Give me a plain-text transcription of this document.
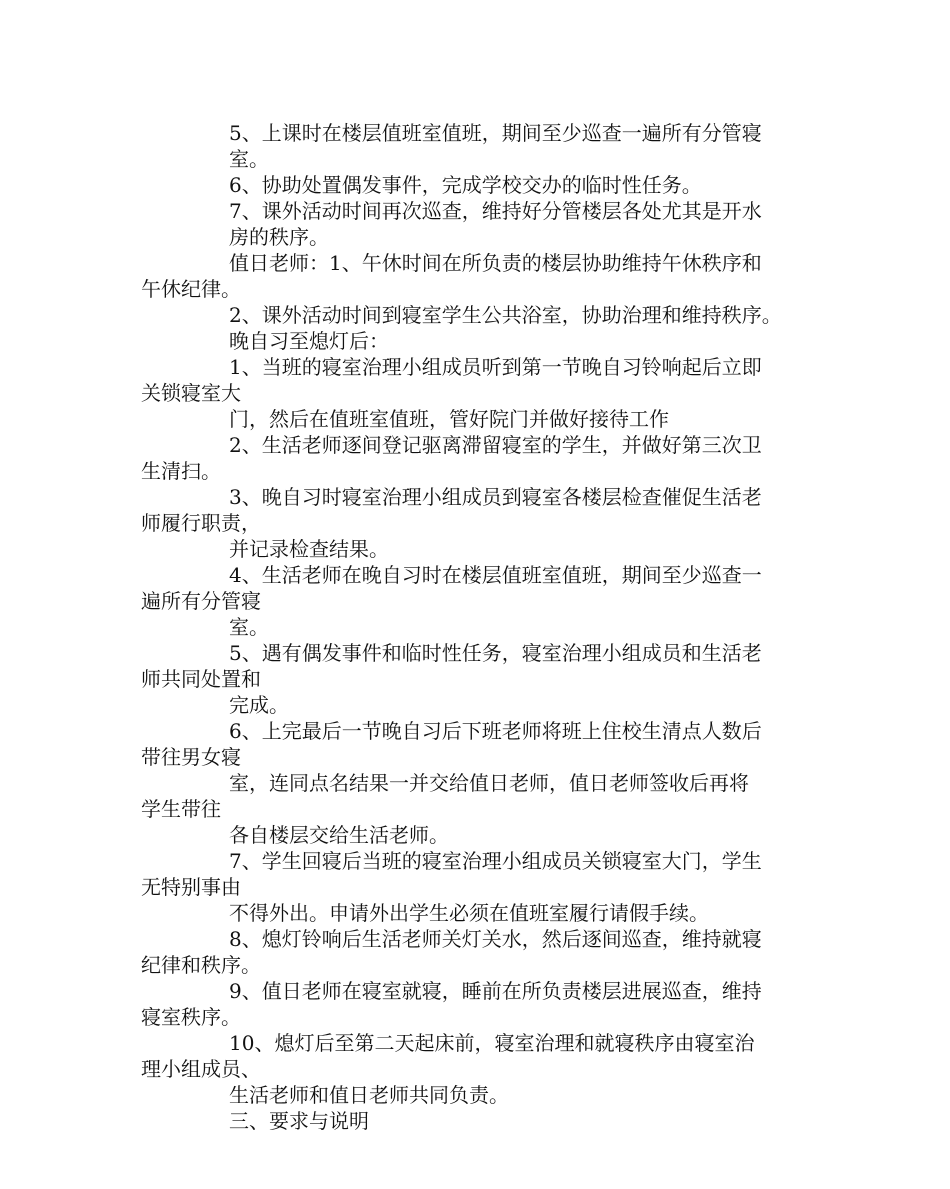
5、上课时在楼层值班室值班，期间至少巡查一遍所有分管寝
室。
6、协助处置偶发事件，完成学校交办的临时性任务。
7、课外活动时间再次巡查，维持好分管楼层各处尤其是开水
房的秩序。
值日老师：1、午休时间在所负责的楼层协助维持午休秩序和
午休纪律。
2、课外活动时间到寝室学生公共浴室，协助治理和维持秩序。
晚自习至熄灯后：
1、当班的寝室治理小组成员听到第一节晚自习铃响起后立即
关锁寝室大
门，然后在值班室值班，管好院门并做好接待工作
2、生活老师逐间登记驱离滞留寝室的学生，并做好第三次卫
生清扫。
3、晚自习时寝室治理小组成员到寝室各楼层检查催促生活老
师履行职责，
并记录检查结果。
4、生活老师在晚自习时在楼层值班室值班，期间至少巡查一
遍所有分管寝
室。
5、遇有偶发事件和临时性任务，寝室治理小组成员和生活老
师共同处置和
完成。
6、上完最后一节晚自习后下班老师将班上住校生清点人数后
带往男女寝
室，连同点名结果一并交给值日老师，值日老师签收后再将
学生带往
各自楼层交给生活老师。
7、学生回寝后当班的寝室治理小组成员关锁寝室大门，学生
无特别事由
不得外出。申请外出学生必须在值班室履行请假手续。
8、熄灯铃响后生活老师关灯关水，然后逐间巡查，维持就寝
纪律和秩序。
9、值日老师在寝室就寝，睡前在所负责楼层进展巡查，维持
寝室秩序。
10、熄灯后至第二天起床前，寝室治理和就寝秩序由寝室治
理小组成员、
生活老师和值日老师共同负责。
三、要求与说明
